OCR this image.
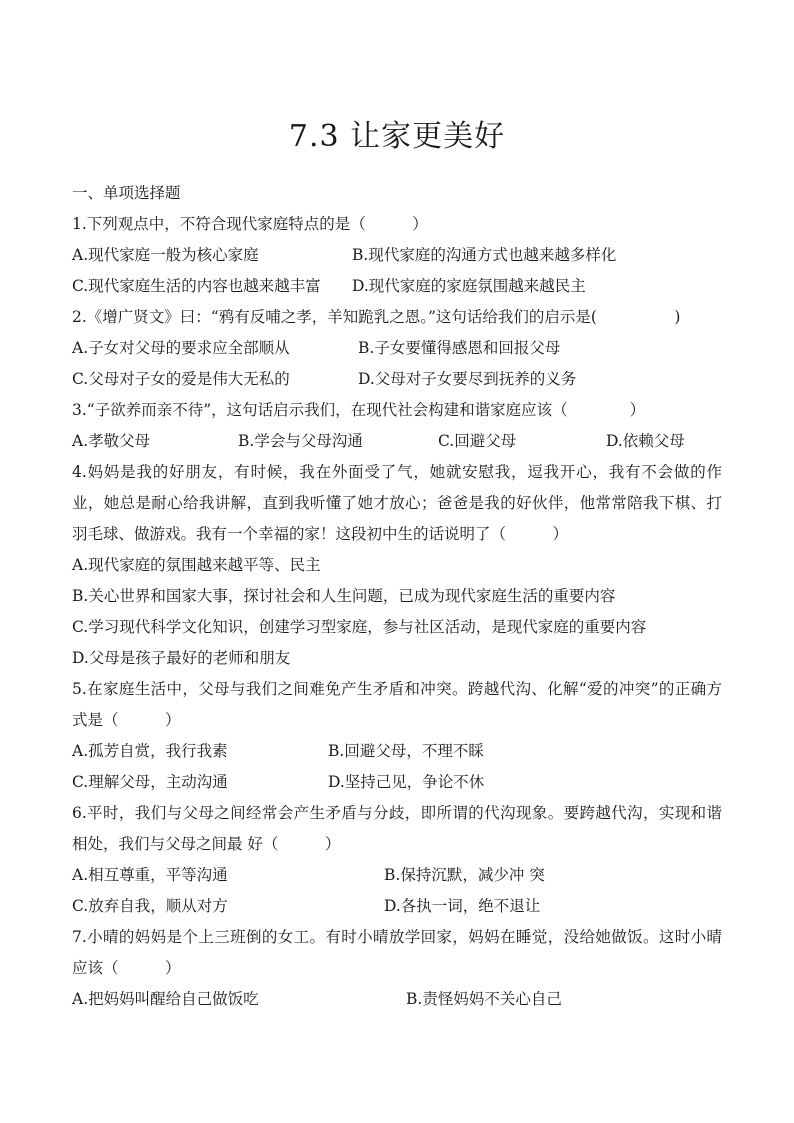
7.3 让家更美好
一、单项选择题
1.下列观点中，不符合现代家庭特点的是（　　　）
A.现代家庭一般为核心家庭	B.现代家庭的沟通方式也越来越多样化
C.现代家庭生活的内容也越来越丰富	D.现代家庭的家庭氛围越来越民主
2.《增广贤文》曰：“鸦有反哺之孝，羊知跪乳之恩。”这句话给我们的启示是(　　　　　)
A.子女对父母的要求应全部顺从	B.子女要懂得感恩和回报父母
C.父母对子女的爱是伟大无私的	D.父母对子女要尽到抚养的义务
3.“子欲养而亲不待”，这句话启示我们，在现代社会构建和谐家庭应该（　　　　）
A.孝敬父母	B.学会与父母沟通	C.回避父母	D.依赖父母
4.妈妈是我的好朋友，有时候，我在外面受了气，她就安慰我，逗我开心，我有不会做的作业，她总是耐心给我讲解，直到我听懂了她才放心；爸爸是我的好伙伴，他常常陪我下棋、打羽毛球、做游戏。我有一个幸福的家！这段初中生的话说明了（　　　）
A.现代家庭的氛围越来越平等、民主
B.关心世界和国家大事，探讨社会和人生问题，已成为现代家庭生活的重要内容
C.学习现代科学文化知识，创建学习型家庭，参与社区活动，是现代家庭的重要内容
D.父母是孩子最好的老师和朋友
5.在家庭生活中，父母与我们之间难免产生矛盾和冲突。跨越代沟、化解“爱的冲突”的正确方式是（　　　）
A.孤芳自赏，我行我素	B.回避父母，不理不睬
C.理解父母，主动沟通	D.坚持己见，争论不休
6.平时，我们与父母之间经常会产生矛盾与分歧，即所谓的代沟现象。要跨越代沟，实现和谐相处，我们与父母之间最 好（　　　）
A.相互尊重，平等沟通	B.保持沉默，减少冲 突
C.放弃自我，顺从对方	D.各执一词，绝不退让
7.小晴的妈妈是个上三班倒的女工。有时小晴放学回家，妈妈在睡觉，没给她做饭。这时小晴应该（　　　）
A.把妈妈叫醒给自己做饭吃	B.责怪妈妈不关心自己
